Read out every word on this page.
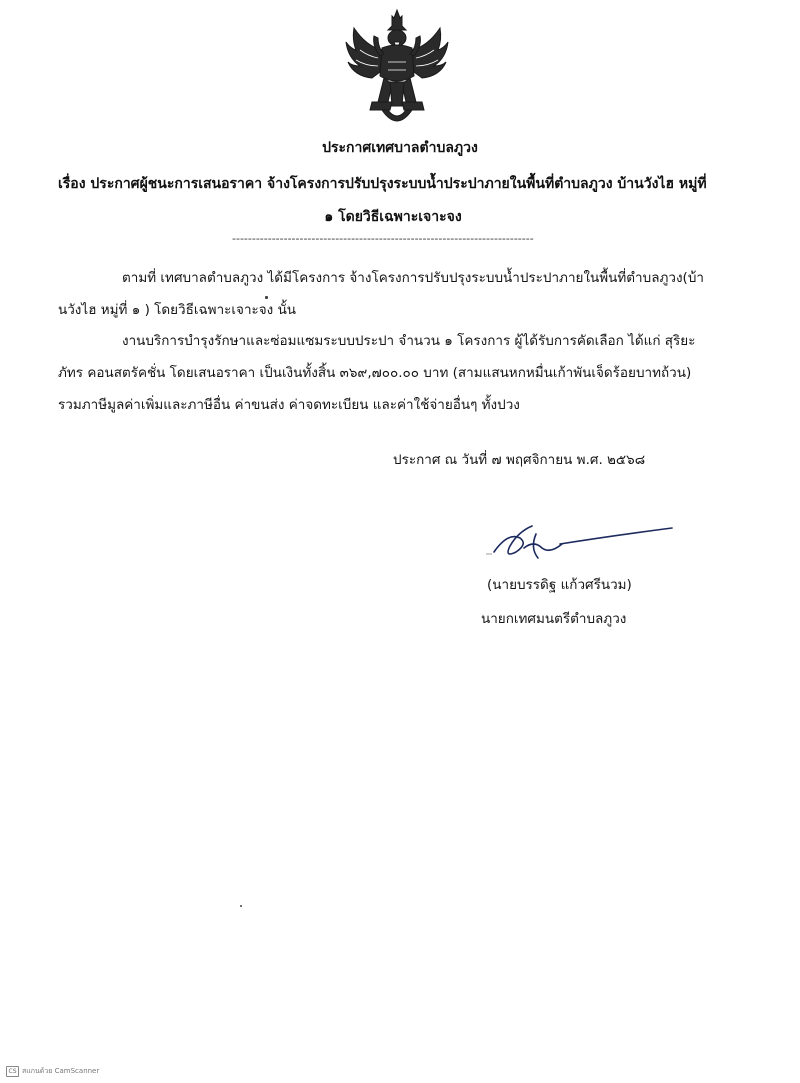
ประกาศเทศบาลตำบลภูวง
เรื่อง ประกาศผู้ชนะการเสนอราคา จ้างโครงการปรับปรุงระบบน้ำประปาภายในพื้นที่ตำบลภูวง บ้านวังไฮ หมู่ที่
๑ โดยวิธีเฉพาะเจาะจง
----------------------------------------------------------------------------
ตามที่ เทศบาลตำบลภูวง ได้มีโครงการ จ้างโครงการปรับปรุงระบบน้ำประปาภายในพื้นที่ตำบลภูวง(บ้า
นวังไฮ หมู่ที่ ๑ ) โดยวิธีเฉพาะเจาะจง นั้น
งานบริการบำรุงรักษาและซ่อมแซมระบบประปา จำนวน ๑ โครงการ ผู้ได้รับการคัดเลือก ได้แก่ สุริยะ
ภัทร คอนสตรัคชั่น โดยเสนอราคา เป็นเงินทั้งสิ้น ๓๖๙,๗๐๐.๐๐ บาท (สามแสนหกหมื่นเก้าพันเจ็ดร้อยบาทถ้วน)
รวมภาษีมูลค่าเพิ่มและภาษีอื่น ค่าขนส่ง ค่าจดทะเบียน และค่าใช้จ่ายอื่นๆ ทั้งปวง
ประกาศ ณ วันที่ ๗ พฤศจิกายน พ.ศ. ๒๕๖๘
(นายบรรดิฐ แก้วศรีนวม)
นายกเทศมนตรีตำบลภูวง
CS สแกนด้วย CamScanner
